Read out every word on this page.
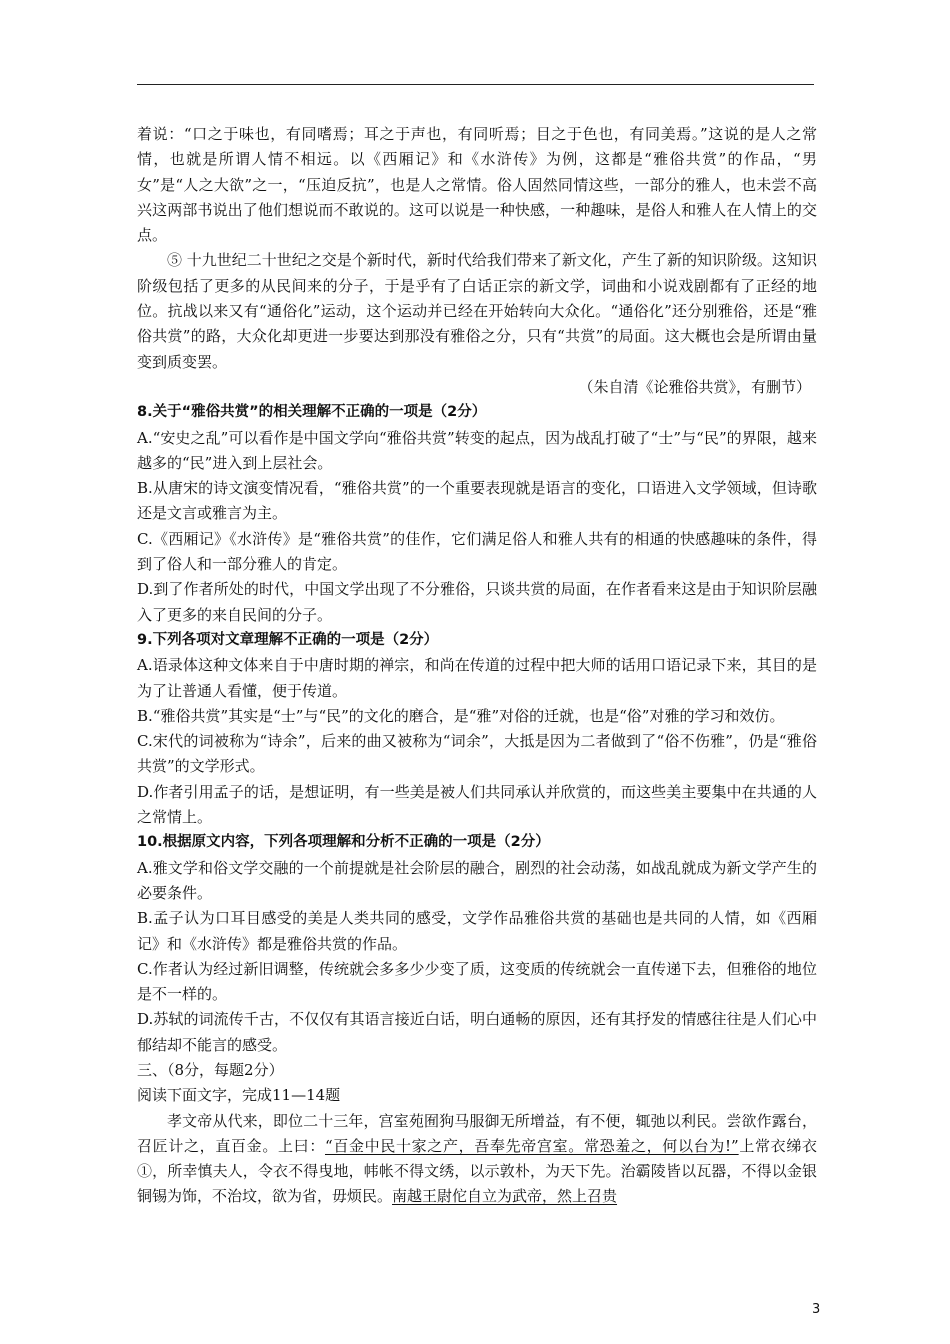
着说：“口之于味也，有同嗜焉；耳之于声也，有同听焉；目之于色也，有同美焉。”这说的是人之常情，也就是所谓人情不相远。以《西厢记》和《水浒传》为例，这都是“雅俗共赏”的作品，“男女”是“人之大欲”之一，“压迫反抗”，也是人之常情。俗人固然同情这些，一部分的雅人，也未尝不高兴这两部书说出了他们想说而不敢说的。这可以说是一种快感，一种趣味，是俗人和雅人在人情上的交点。

⑤ 十九世纪二十世纪之交是个新时代，新时代给我们带来了新文化，产生了新的知识阶级。这知识阶级包括了更多的从民间来的分子，于是乎有了白话正宗的新文学，词曲和小说戏剧都有了正经的地位。抗战以来又有“通俗化”运动，这个运动并已经在开始转向大众化。“通俗化”还分别雅俗，还是“雅俗共赏”的路，大众化却更进一步要达到那没有雅俗之分，只有“共赏”的局面。这大概也会是所谓由量变到质变罢。

（朱自清《论雅俗共赏》，有删节）

8.关于“雅俗共赏”的相关理解不正确的一项是（2分）

A.“安史之乱”可以看作是中国文学向“雅俗共赏”转变的起点，因为战乱打破了“士”与“民”的界限，越来越多的“民”进入到上层社会。

B.从唐宋的诗文演变情况看，“雅俗共赏”的一个重要表现就是语言的变化，口语进入文学领域，但诗歌还是文言或雅言为主。

C.《西厢记》《水浒传》是“雅俗共赏”的佳作，它们满足俗人和雅人共有的相通的快感趣味的条件，得到了俗人和一部分雅人的肯定。

D.到了作者所处的时代，中国文学出现了不分雅俗，只谈共赏的局面，在作者看来这是由于知识阶层融入了更多的来自民间的分子。

9.下列各项对文章理解不正确的一项是（2分）

A.语录体这种文体来自于中唐时期的禅宗，和尚在传道的过程中把大师的话用口语记录下来，其目的是为了让普通人看懂，便于传道。

B.“雅俗共赏”其实是“士”与“民”的文化的磨合，是“雅”对俗的迁就，也是“俗”对雅的学习和效仿。

C.宋代的词被称为“诗余”，后来的曲又被称为“词余”，大抵是因为二者做到了“俗不伤雅”，仍是“雅俗共赏”的文学形式。

D.作者引用孟子的话，是想证明，有一些美是被人们共同承认并欣赏的，而这些美主要集中在共通的人之常情上。

10.根据原文内容，下列各项理解和分析不正确的一项是（2分）

A.雅文学和俗文学交融的一个前提就是社会阶层的融合，剧烈的社会动荡，如战乱就成为新文学产生的必要条件。

B.孟子认为口耳目感受的美是人类共同的感受，文学作品雅俗共赏的基础也是共同的人情，如《西厢记》和《水浒传》都是雅俗共赏的作品。

C.作者认为经过新旧调整，传统就会多多少少变了质，这变质的传统就会一直传递下去，但雅俗的地位是不一样的。

D.苏轼的词流传千古，不仅仅有其语言接近白话，明白通畅的原因，还有其抒发的情感往往是人们心中郁结却不能言的感受。

三、（8分，每题2分）

阅读下面文字，完成11—14题

孝文帝从代来，即位二十三年，宫室苑囿狗马服御无所增益，有不便，辄弛以利民。尝欲作露台，召匠计之，直百金。上曰：“百金中民十家之产，吾奉先帝宫室。常恐羞之，何以台为!”上常衣绨衣①，所幸慎夫人，令衣不得曳地，帏帐不得文绣，以示敦朴，为天下先。治霸陵皆以瓦器，不得以金银铜锡为饰，不治坟，欲为省，毋烦民。南越王尉佗自立为武帝，然上召贵

3
